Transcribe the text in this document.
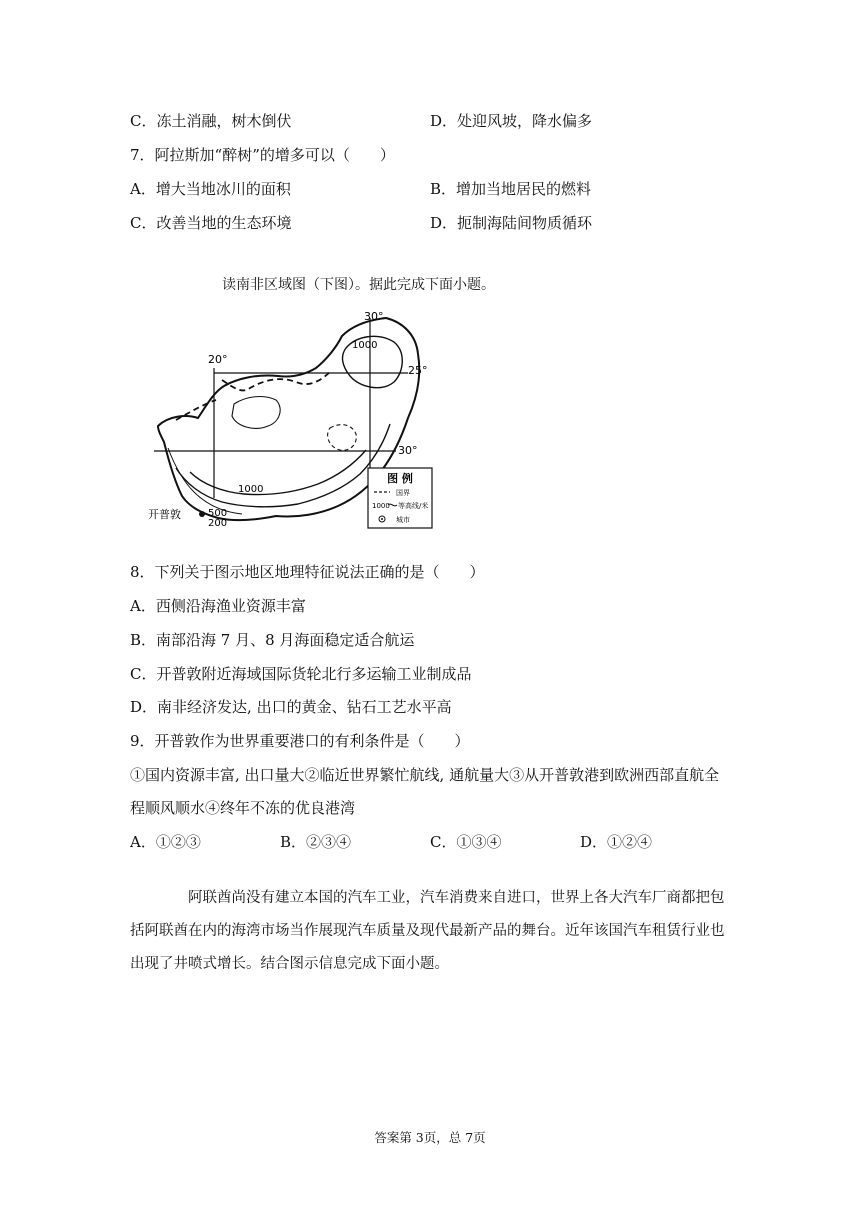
C．冻土消融，树木倒伏	D．处迎风坡，降水偏多
7．阿拉斯加“醉树”的增多可以（　　）
A．增大当地冰川的面积	B．增加当地居民的燃料
C．改善当地的生态环境	D．扼制海陆间物质循环
读南非区域图（下图）。据此完成下面小题。
30°
20°
25°
30°
1000
1000
500
200
开普敦
图 例
国界
1000 等高线/米
城市
8．下列关于图示地区地理特征说法正确的是（　　）
A．西侧沿海渔业资源丰富
B．南部沿海 7 月、8 月海面稳定适合航运
C．开普敦附近海域国际货轮北行多运输工业制成品
D．南非经济发达, 出口的黄金、钻石工艺水平高
9．开普敦作为世界重要港口的有利条件是（　　）
①国内资源丰富, 出口量大②临近世界繁忙航线, 通航量大③从开普敦港到欧洲西部直航全
程顺风顺水④终年不冻的优良港湾
A．①②③	B．②③④	C．①③④	D．①②④
阿联酋尚没有建立本国的汽车工业，汽车消费来自进口，世界上各大汽车厂商都把包括阿联酋在内的海湾市场当作展现汽车质量及现代最新产品的舞台。近年该国汽车租赁行业也出现了井喷式增长。结合图示信息完成下面小题。
答案第 3页，总 7页
